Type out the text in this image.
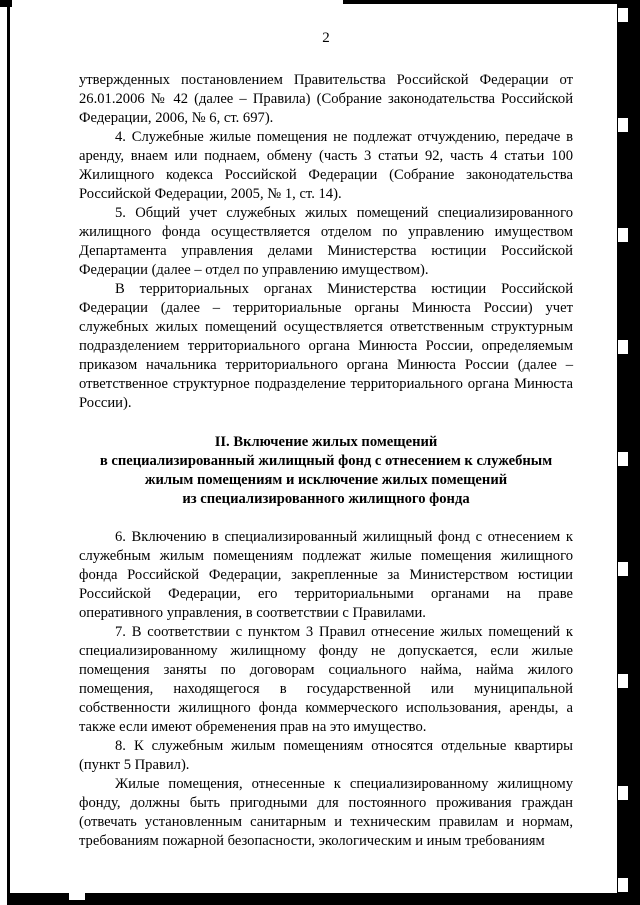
2

утвержденных постановлением Правительства Российской Федерации от 26.01.2006 № 42 (далее – Правила) (Собрание законодательства Российской Федерации, 2006, № 6, ст. 697).

4. Служебные жилые помещения не подлежат отчуждению, передаче в аренду, внаем или поднаем, обмену (часть 3 статьи 92, часть 4 статьи 100 Жилищного кодекса Российской Федерации (Собрание законодательства Российской Федерации, 2005, № 1, ст. 14).

5. Общий учет служебных жилых помещений специализированного жилищного фонда осуществляется отделом по управлению имуществом Департамента управления делами Министерства юстиции Российской Федерации (далее – отдел по управлению имуществом).

В территориальных органах Министерства юстиции Российской Федерации (далее – территориальные органы Минюста России) учет служебных жилых помещений осуществляется ответственным структурным подразделением территориального органа Минюста России, определяемым приказом начальника территориального органа Минюста России (далее – ответственное структурное подразделение территориального органа Минюста России).

II. Включение жилых помещений
в специализированный жилищный фонд с отнесением к служебным
жилым помещениям и исключение жилых помещений
из специализированного жилищного фонда

6. Включению в специализированный жилищный фонд с отнесением к служебным жилым помещениям подлежат жилые помещения жилищного фонда Российской Федерации, закрепленные за Министерством юстиции Российской Федерации, его территориальными органами на праве оперативного управления, в соответствии с Правилами.

7. В соответствии с пунктом 3 Правил отнесение жилых помещений к специализированному жилищному фонду не допускается, если жилые помещения заняты по договорам социального найма, найма жилого помещения, находящегося в государственной или муниципальной собственности жилищного фонда коммерческого использования, аренды, а также если имеют обременения прав на это имущество.

8. К служебным жилым помещениям относятся отдельные квартиры (пункт 5 Правил).

Жилые помещения, отнесенные к специализированному жилищному фонду, должны быть пригодными для постоянного проживания граждан (отвечать установленным санитарным и техническим правилам и нормам, требованиям пожарной безопасности, экологическим и иным требованиям
